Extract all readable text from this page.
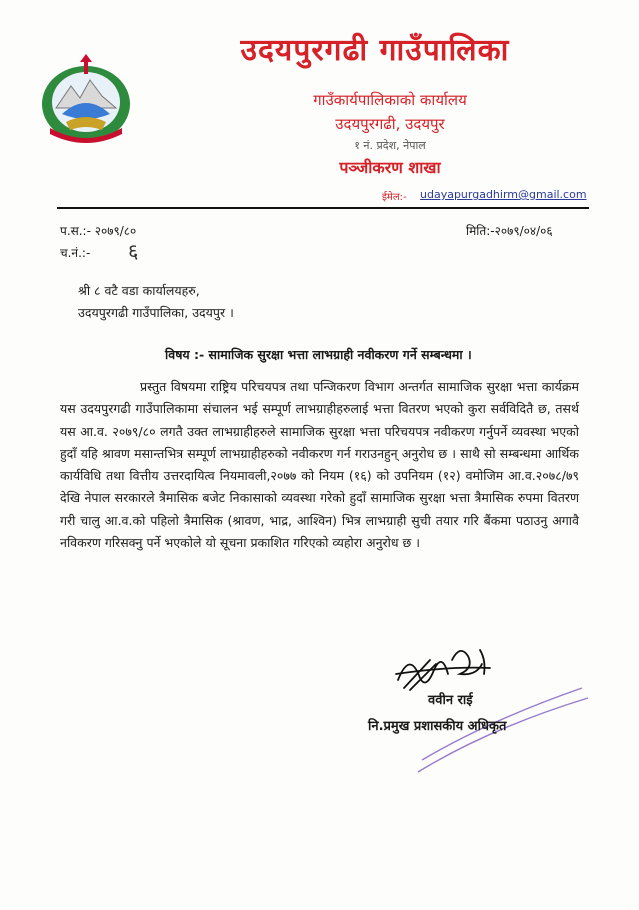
उदयपुरगढी गाउँपालिका
गाउँकार्यपालिकाको कार्यालय
उदयपुरगढी, उदयपुर
१ नं. प्रदेश, नेपाल
पञ्जीकरण शाखा
ईमेल:- udayapurgadhirm@gmail.com
प.स.:- २०७९/८०
च.नं.:- ६
मिति:-२०७९/०४/०६
श्री ८ वटै वडा कार्यालयहरु,
उदयपुरगढी गाउँपालिका, उदयपुर ।
विषय :- सामाजिक सुरक्षा भत्ता लाभग्राही नवीकरण गर्ने सम्बन्धमा ।
प्रस्तुत विषयमा राष्ट्रिय परिचयपत्र तथा पन्जिकरण विभाग अन्तर्गत सामाजिक सुरक्षा भत्ता कार्यक्रम यस उदयपुरगढी गाउँपालिकामा संचालन भई सम्पूर्ण लाभग्राहीहरुलाई भत्ता वितरण भएको कुरा सर्वविदितै छ, तसर्थ यस आ.व. २०७९/८० लगतै उक्त लाभग्राहीहरुले सामाजिक सुरक्षा भत्ता परिचयपत्र नवीकरण गर्नुपर्ने व्यवस्था भएको हुदाँ यहि श्रावण मसान्तभित्र सम्पूर्ण लाभग्राहीहरुको नवीकरण गर्न गराउनहुन् अनुरोध छ । साथै सो सम्बन्धमा आर्थिक कार्यविधि तथा वित्तीय उत्तरदायित्व नियमावली,२०७७ को नियम (१६) को उपनियम (१२) वमोजिम आ.व.२०७८/७९ देखि नेपाल सरकारले त्रैमासिक बजेट निकासाको व्यवस्था गरेको हुदाँ सामाजिक सुरक्षा भत्ता त्रैमासिक रुपमा वितरण गरी चालु आ.व.को पहिलो त्रैमासिक (श्रावण, भाद्र, आश्विन) भित्र लाभग्राही सुची तयार गरि बैंकमा पठाउनु अगावै नविकरण गरिसक्नु पर्ने भएकोले यो सूचना प्रकाशित गरिएको व्यहोरा अनुरोध छ ।
ववीन राई
नि.प्रमुख प्रशासकीय अधिकृत
